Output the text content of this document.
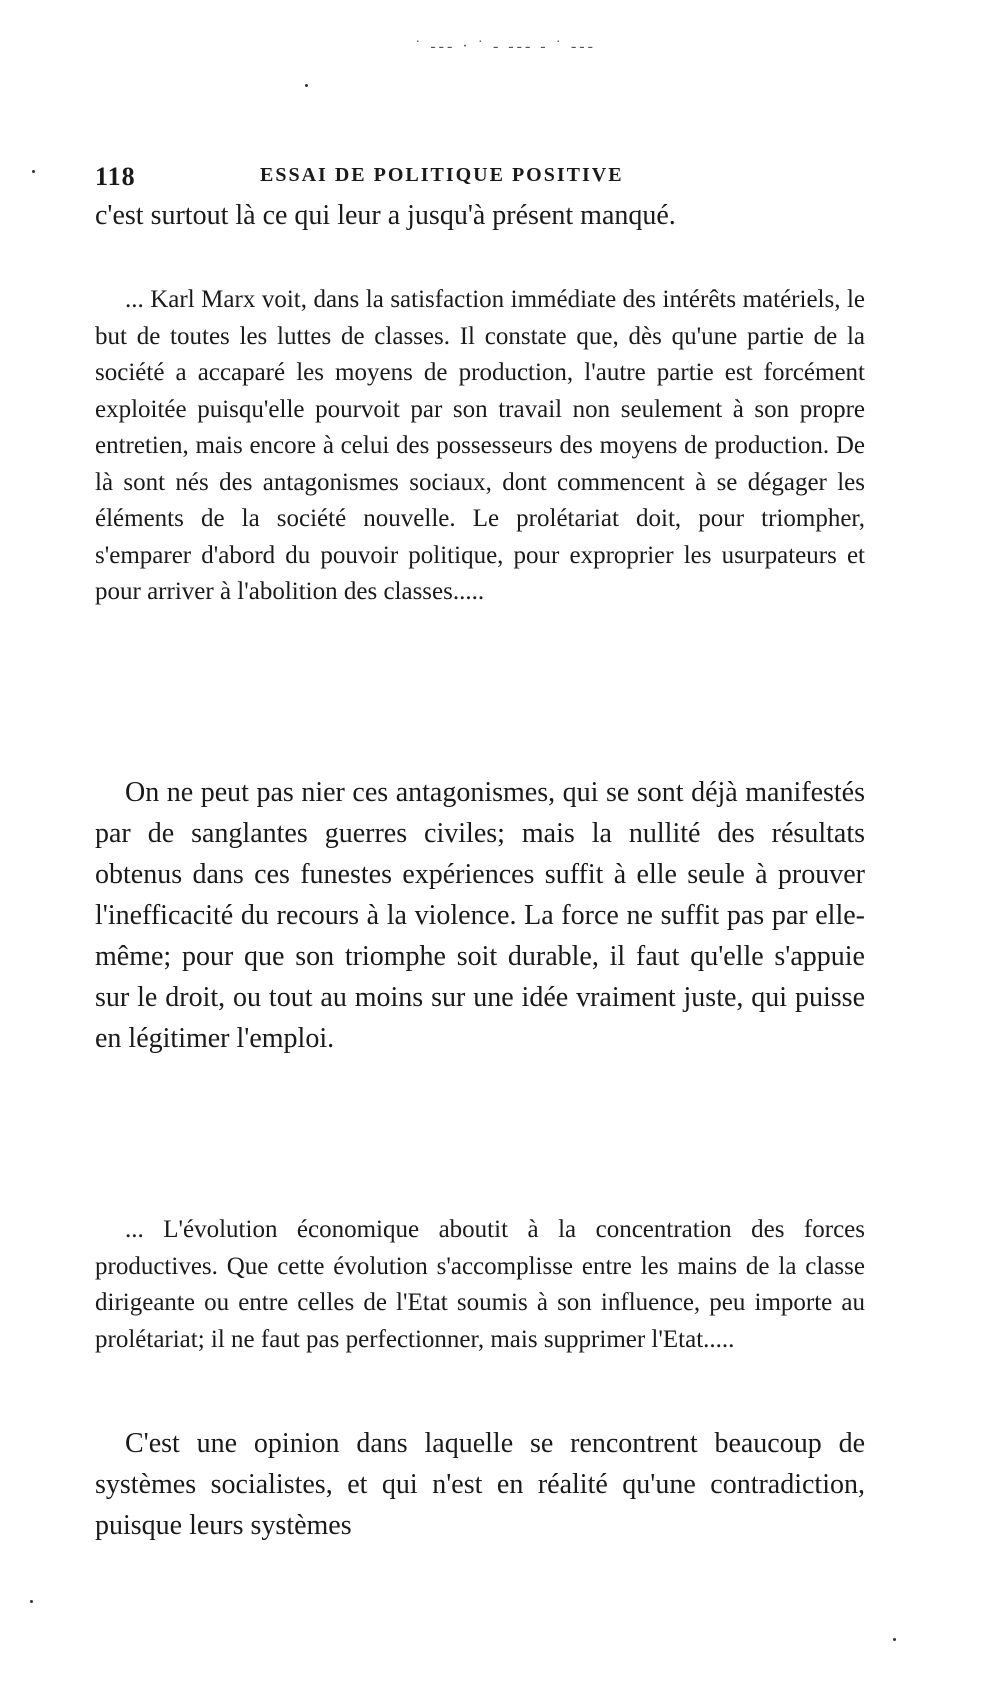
˙ ‐‐‐ · ˙ ‐ ‐‐‐ ‐ ˙ ‐‐‐
118	ESSAI DE POLITIQUE POSITIVE

c'est surtout là ce qui leur a jusqu'à présent manqué.

... Karl Marx voit, dans la satisfaction immédiate des intérêts matériels, le but de toutes les luttes de classes. Il constate que, dès qu'une partie de la société a accaparé les moyens de production, l'autre partie est forcément exploitée puisqu'elle pourvoit par son travail non seulement à son propre entretien, mais encore à celui des possesseurs des moyens de production. De là sont nés des antagonismes sociaux, dont commencent à se dégager les éléments de la société nouvelle. Le prolétariat doit, pour triompher, s'emparer d'abord du pouvoir politique, pour exproprier les usurpateurs et pour arriver à l'abolition des classes.....

On ne peut pas nier ces antagonismes, qui se sont déjà manifestés par de sanglantes guerres civiles; mais la nullité des résultats obtenus dans ces funestes expériences suffit à elle seule à prouver l'inefficacité du recours à la violence. La force ne suffit pas par elle-même; pour que son triomphe soit durable, il faut qu'elle s'appuie sur le droit, ou tout au moins sur une idée vraiment juste, qui puisse en légitimer l'emploi.

... L'évolution économique aboutit à la concentration des forces productives. Que cette évolution s'accomplisse entre les mains de la classe dirigeante ou entre celles de l'Etat soumis à son influence, peu importe au prolétariat; il ne faut pas perfectionner, mais supprimer l'Etat.....

C'est une opinion dans laquelle se rencontrent beaucoup de systèmes socialistes, et qui n'est en réalité qu'une contradiction, puisque leurs systèmes
